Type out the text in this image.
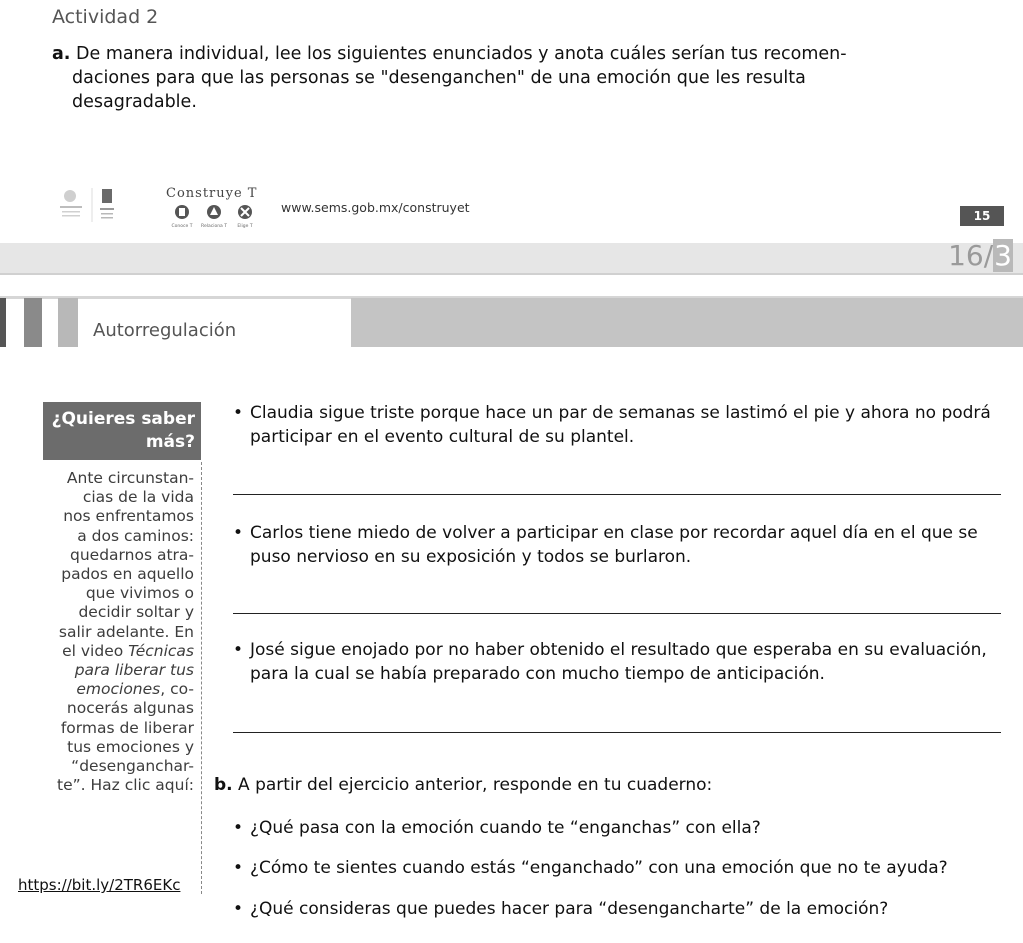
Actividad 2
a. De manera individual, lee los siguientes enunciados y anota cuáles serían tus recomen-
daciones para que las personas se "desenganchen" de una emoción que les resulta
desagradable.
Construye T
Conoce T Relaciona T Elige T
www.sems.gob.mx/construyet
15
16/3
Autorregulación
¿Quieres saber
más?
Ante circunstan-
cias de la vida
nos enfrentamos
a dos caminos:
quedarnos atra-
pados en aquello
que vivimos o
decidir soltar y
salir adelante. En
el video Técnicas
para liberar tus
emociones, co-
nocerás algunas
formas de liberar
tus emociones y
“desenganchar-
te”. Haz clic aquí:
https://bit.ly/2TR6EKc
• Claudia sigue triste porque hace un par de semanas se lastimó el pie y ahora no podrá
participar en el evento cultural de su plantel.
• Carlos tiene miedo de volver a participar en clase por recordar aquel día en el que se
puso nervioso en su exposición y todos se burlaron.
• José sigue enojado por no haber obtenido el resultado que esperaba en su evaluación,
para la cual se había preparado con mucho tiempo de anticipación.
b. A partir del ejercicio anterior, responde en tu cuaderno:
• ¿Qué pasa con la emoción cuando te “enganchas” con ella?
• ¿Cómo te sientes cuando estás “enganchado” con una emoción que no te ayuda?
• ¿Qué consideras que puedes hacer para “desengancharte” de la emoción?
